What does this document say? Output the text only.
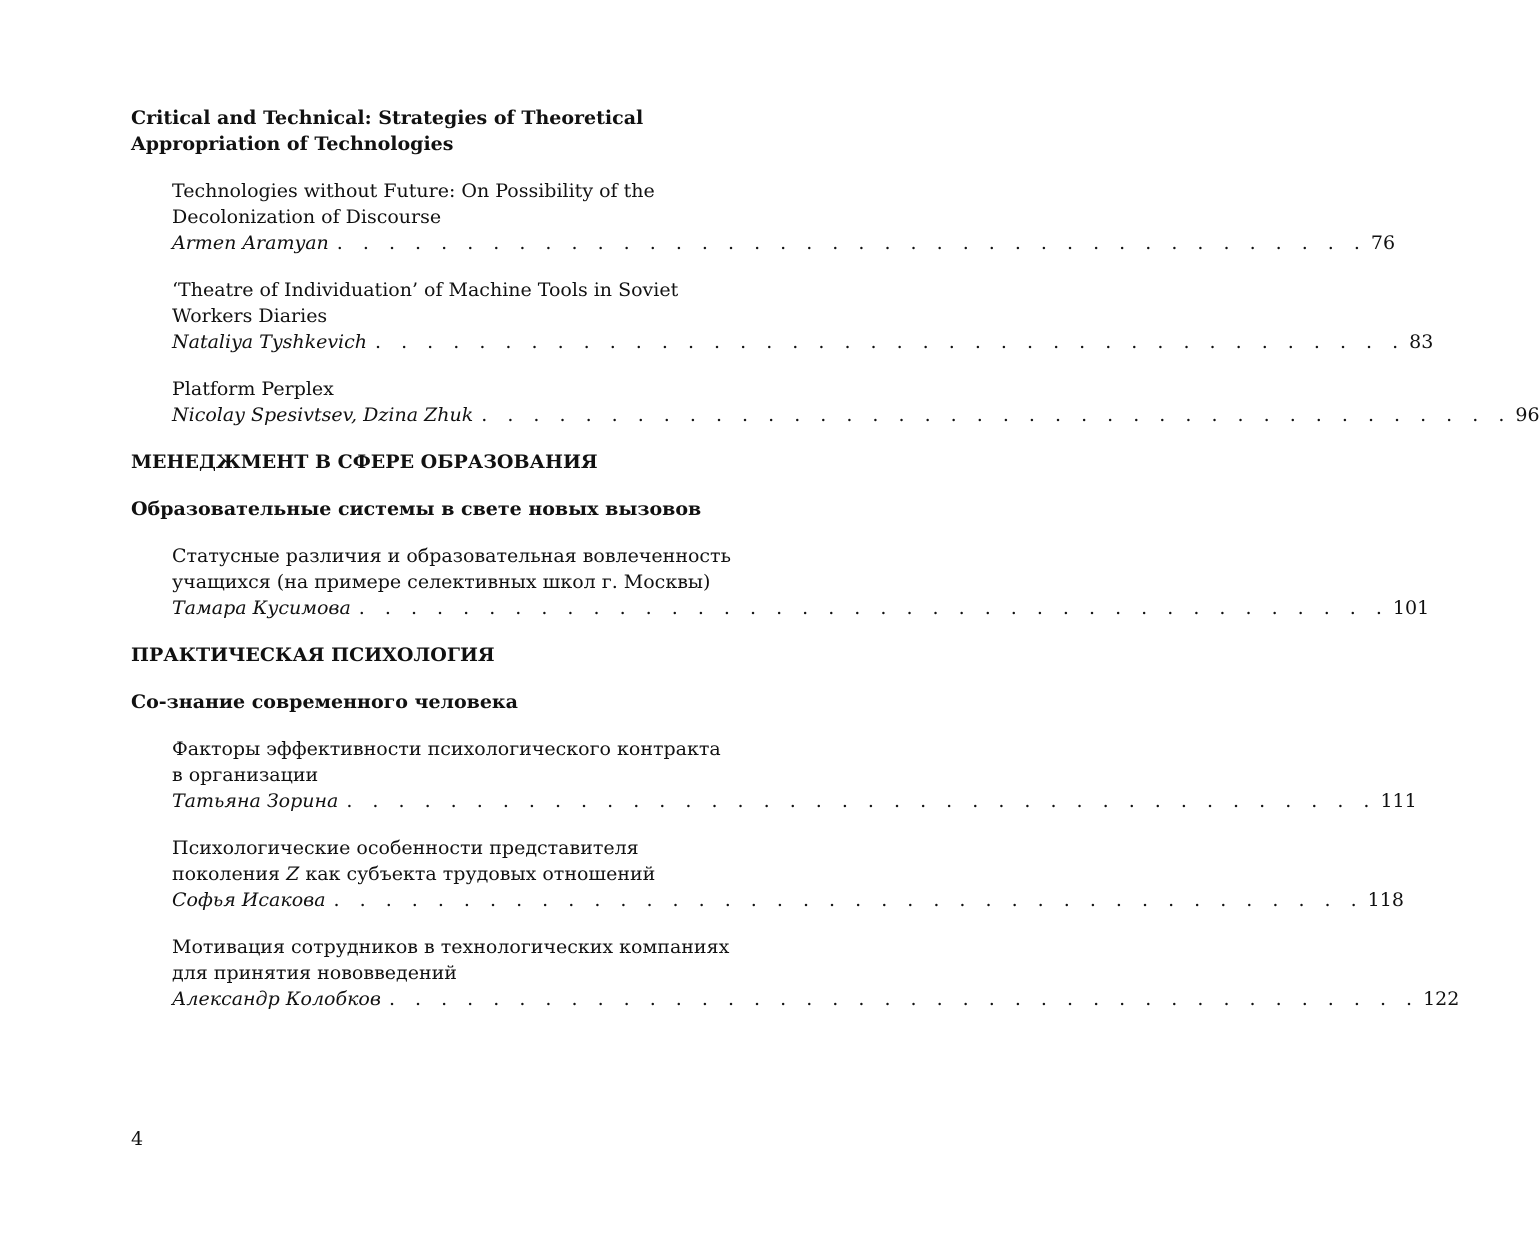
Critical and Technical: Strategies of Theoretical
Appropriation of Technologies
Technologies without Future: On Possibility of the
Decolonization of Discourse
Armen Aramyan . . . . . . . . . . . . . . . . . . . . . . . . . . . . . . . . . . . . . . . . 76
‘Theatre of Individuation’ of Machine Tools in Soviet
Workers Diaries
Nataliya Tyshkevich . . . . . . . . . . . . . . . . . . . . . . . . . . . . . . . . . . . . . . . . 83
Platform Perplex
Nicolay Spesivtsev, Dzina Zhuk . . . . . . . . . . . . . . . . . . . . . . . . . . . . . . . . . . . . . . . . 96
МЕНЕДЖМЕНТ В СФЕРЕ ОБРАЗОВАНИЯ
Образовательные системы в свете новых вызовов
Статусные различия и образовательная вовлеченность
учащихся (на примере селективных школ г. Москвы)
Тамара Кусимова . . . . . . . . . . . . . . . . . . . . . . . . . . . . . . . . . . . . . . . . 101
ПРАКТИЧЕСКАЯ ПСИХОЛОГИЯ
Со-знание современного человека
Факторы эффективности психологического контракта
в организации
Татьяна Зорина . . . . . . . . . . . . . . . . . . . . . . . . . . . . . . . . . . . . . . . . 111
Психологические особенности представителя
поколения Z как субъекта трудовых отношений
Софья Исакова . . . . . . . . . . . . . . . . . . . . . . . . . . . . . . . . . . . . . . . . 118
Мотивация сотрудников в технологических компаниях
для принятия нововведений
Александр Колобков . . . . . . . . . . . . . . . . . . . . . . . . . . . . . . . . . . . . . . . . 122
4
